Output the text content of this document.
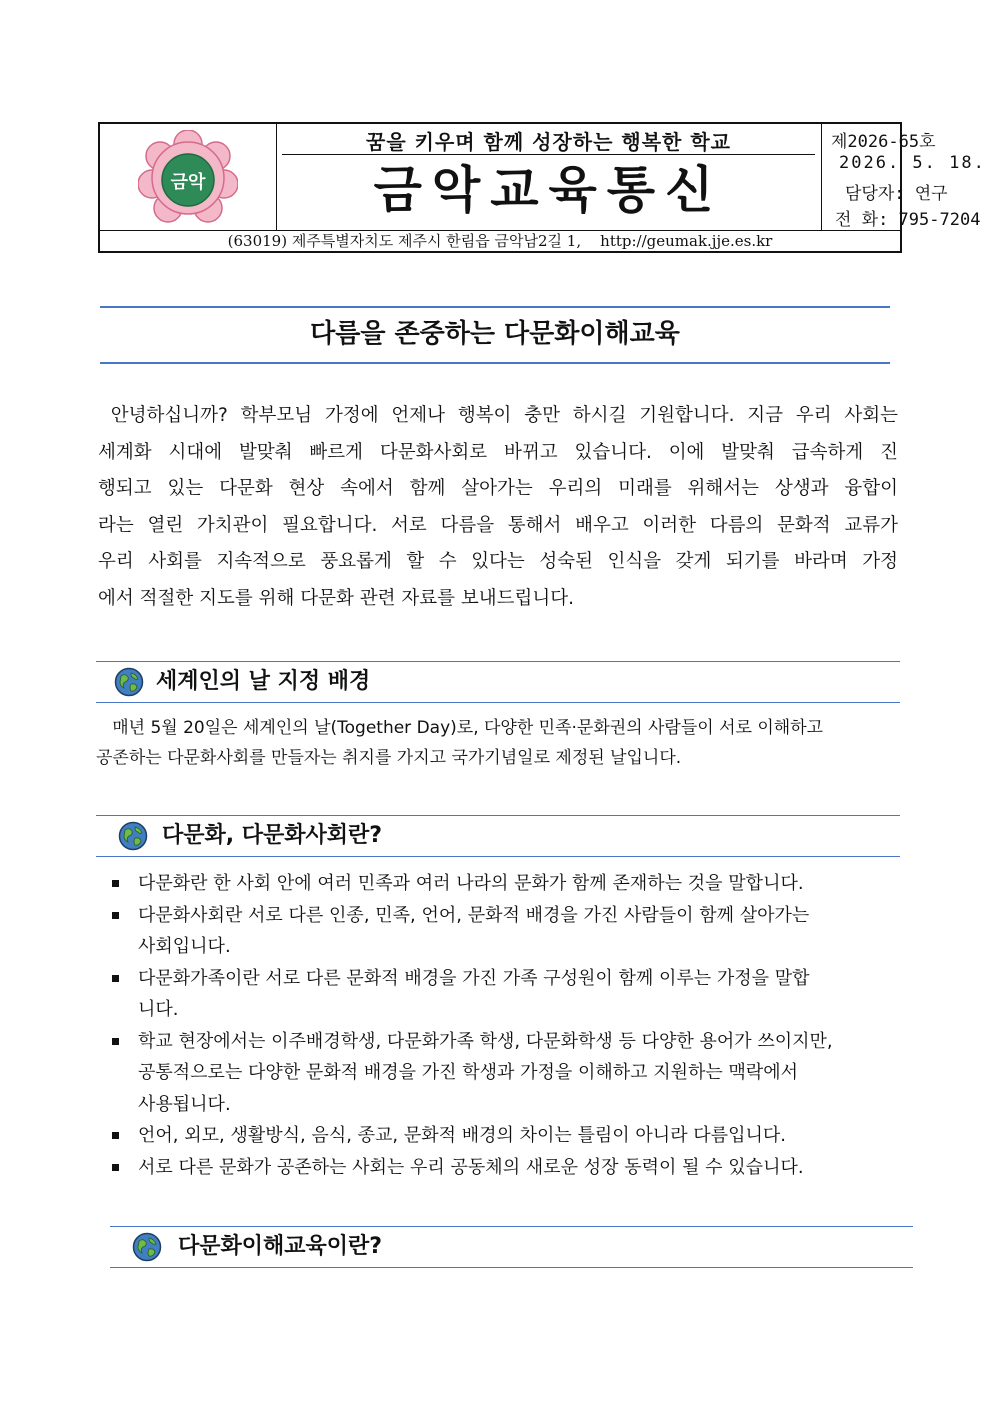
금악
꿈을 키우며 함께 성장하는 행복한 학교
금악교육통신
제2026-65호
2026. 5. 18.
담당자: 연구
전 화: 795-7204
(63019) 제주특별자치도 제주시 한림읍 금악남2길 1,    http://geumak.jje.es.kr
다름을 존중하는 다문화이해교육
안녕하십니까? 학부모님 가정에 언제나 행복이 충만 하시길 기원합니다. 지금 우리 사회는
세계화 시대에 발맞춰 빠르게 다문화사회로 바뀌고 있습니다. 이에 발맞춰 급속하게 진
행되고 있는 다문화 현상 속에서 함께 살아가는 우리의 미래를 위해서는 상생과 융합이
라는 열린 가치관이 필요합니다. 서로 다름을 통해서 배우고 이러한 다름의 문화적 교류가
우리 사회를 지속적으로 풍요롭게 할 수 있다는 성숙된 인식을 갖게 되기를 바라며 가정
에서 적절한 지도를 위해 다문화 관련 자료를 보내드립니다.
세계인의 날 지정 배경
매년 5월 20일은 세계인의 날(Together Day)로, 다양한 민족·문화권의 사람들이 서로 이해하고
공존하는 다문화사회를 만들자는 취지를 가지고 국가기념일로 제정된 날입니다.
다문화, 다문화사회란?
다문화란 한 사회 안에 여러 민족과 여러 나라의 문화가 함께 존재하는 것을 말합니다.
다문화사회란 서로 다른 인종, 민족, 언어, 문화적 배경을 가진 사람들이 함께 살아가는
사회입니다.
다문화가족이란 서로 다른 문화적 배경을 가진 가족 구성원이 함께 이루는 가정을 말합
니다.
학교 현장에서는 이주배경학생, 다문화가족 학생, 다문화학생 등 다양한 용어가 쓰이지만,
공통적으로는 다양한 문화적 배경을 가진 학생과 가정을 이해하고 지원하는 맥락에서
사용됩니다.
언어, 외모, 생활방식, 음식, 종교, 문화적 배경의 차이는 틀림이 아니라 다름입니다.
서로 다른 문화가 공존하는 사회는 우리 공동체의 새로운 성장 동력이 될 수 있습니다.
다문화이해교육이란?
